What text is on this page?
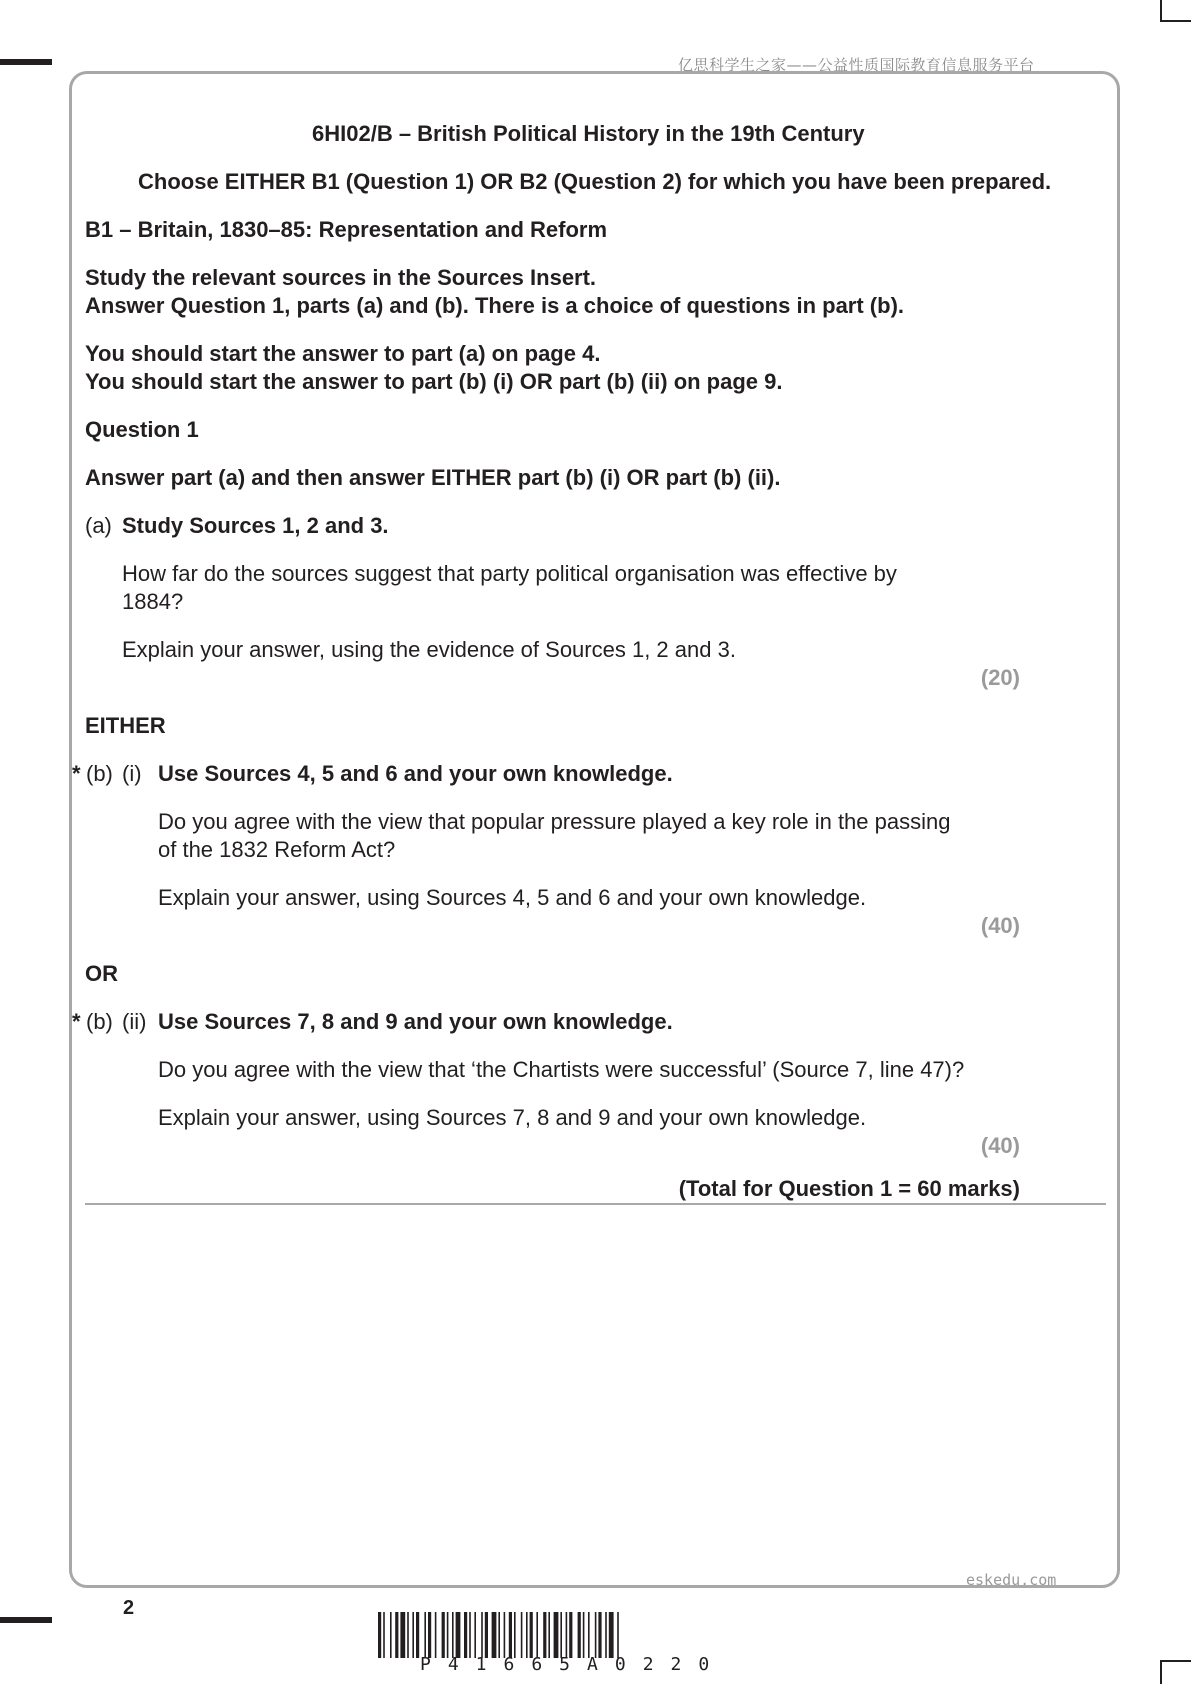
亿思科学生之家——公益性质国际教育信息服务平台
6HI02/B – British Political History in the 19th Century
Choose EITHER B1 (Question 1) OR B2 (Question 2) for which you have been prepared.
B1 – Britain, 1830–85: Representation and Reform
Study the relevant sources in the Sources Insert.
Answer Question 1, parts (a) and (b). There is a choice of questions in part (b).
You should start the answer to part (a) on page 4.
You should start the answer to part (b) (i) OR part (b) (ii) on page 9.
Question 1
Answer part (a) and then answer EITHER part (b) (i) OR part (b) (ii).
(a) Study Sources 1, 2 and 3.
How far do the sources suggest that party political organisation was effective by
1884?
Explain your answer, using the evidence of Sources 1, 2 and 3.
(20)
EITHER
* (b) (i) Use Sources 4, 5 and 6 and your own knowledge.
Do you agree with the view that popular pressure played a key role in the passing
of the 1832 Reform Act?
Explain your answer, using Sources 4, 5 and 6 and your own knowledge.
(40)
OR
* (b) (ii) Use Sources 7, 8 and 9 and your own knowledge.
Do you agree with the view that ‘the Chartists were successful’ (Source 7, line 47)?
Explain your answer, using Sources 7, 8 and 9 and your own knowledge.
(40)
(Total for Question 1 = 60 marks)
eskedu.com
2
P41665A0220
